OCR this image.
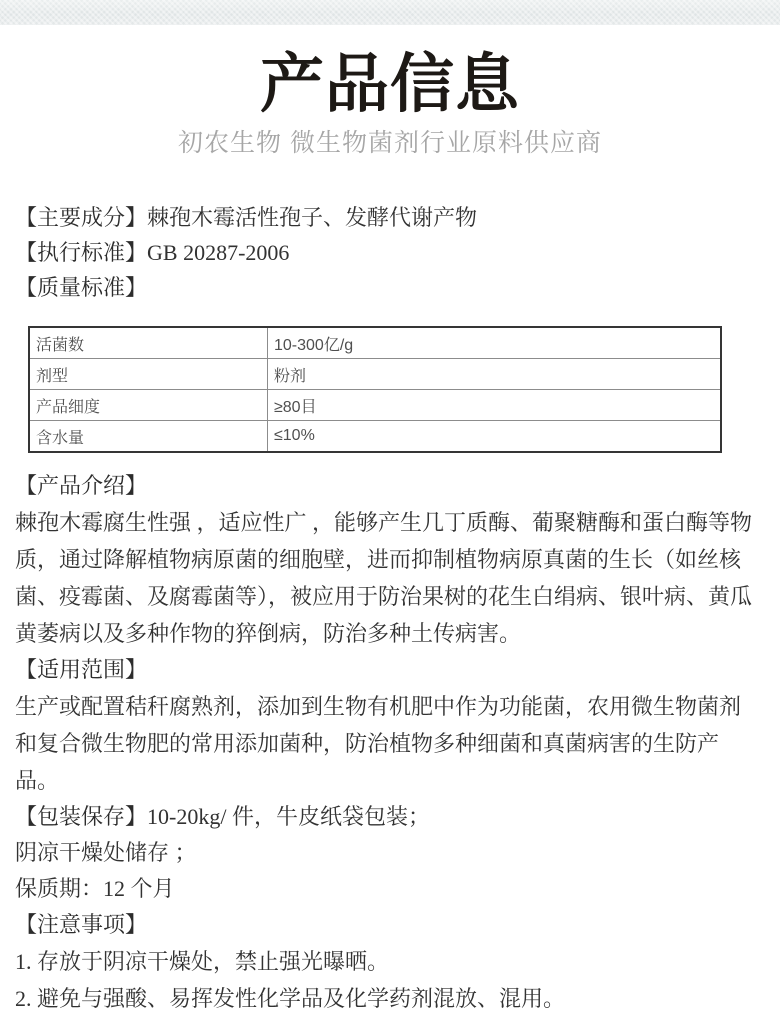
产品信息
初农生物 微生物菌剂行业原料供应商
【主要成分】棘孢木霉活性孢子、发酵代谢产物
【执行标准】GB 20287-2006
【质量标准】
活菌数	10-300亿/g
剂型	粉剂
产品细度	≥80目
含水量	≤10%
【产品介绍】
棘孢木霉腐生性强 ，适应性广 ，能够产生几丁质酶、葡聚糖酶和蛋白酶等物质，通过降解植物病原菌的细胞壁，进而抑制植物病原真菌的生长（如丝核菌、疫霉菌、及腐霉菌等），被应用于防治果树的花生白绢病、银叶病、黄瓜黄萎病以及多种作物的猝倒病，防治多种土传病害。
【适用范围】
生产或配置秸秆腐熟剂，添加到生物有机肥中作为功能菌，农用微生物菌剂和复合微生物肥的常用添加菌种，防治植物多种细菌和真菌病害的生防产品。
【包装保存】10-20kg/ 件，牛皮纸袋包装；
阴凉干燥处储存 ；
保质期：12 个月
【注意事项】
1. 存放于阴凉干燥处，禁止强光曝晒。
2. 避免与强酸、易挥发性化学品及化学药剂混放、混用。
